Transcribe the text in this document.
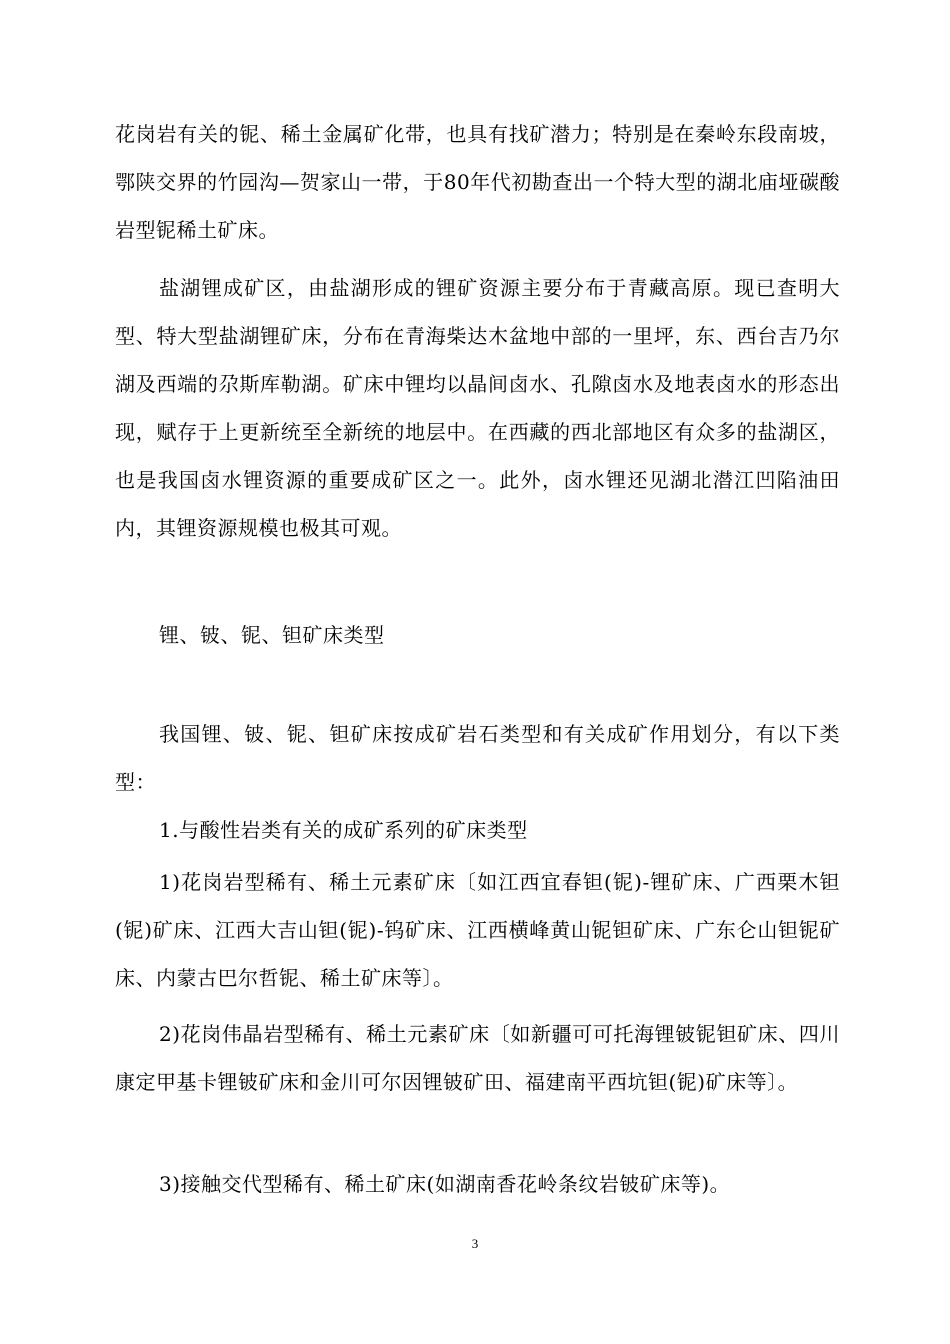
花岗岩有关的铌、稀土金属矿化带，也具有找矿潜力；特别是在秦岭东段南坡，鄂陕交界的竹园沟—贺家山一带，于80年代初勘查出一个特大型的湖北庙垭碳酸岩型铌稀土矿床。

盐湖锂成矿区，由盐湖形成的锂矿资源主要分布于青藏高原。现已查明大型、特大型盐湖锂矿床，分布在青海柴达木盆地中部的一里坪，东、西台吉乃尔湖及西端的尕斯库勒湖。矿床中锂均以晶间卤水、孔隙卤水及地表卤水的形态出现，赋存于上更新统至全新统的地层中。在西藏的西北部地区有众多的盐湖区，也是我国卤水锂资源的重要成矿区之一。此外，卤水锂还见湖北潜江凹陷油田内，其锂资源规模也极其可观。

锂、铍、铌、钽矿床类型

我国锂、铍、铌、钽矿床按成矿岩石类型和有关成矿作用划分，有以下类型：

1.与酸性岩类有关的成矿系列的矿床类型

1)花岗岩型稀有、稀土元素矿床〔如江西宜春钽(铌)-锂矿床、广西栗木钽(铌)矿床、江西大吉山钽(铌)-钨矿床、江西横峰黄山铌钽矿床、广东仑山钽铌矿床、内蒙古巴尔哲铌、稀土矿床等〕。

2)花岗伟晶岩型稀有、稀土元素矿床〔如新疆可可托海锂铍铌钽矿床、四川康定甲基卡锂铍矿床和金川可尔因锂铍矿田、福建南平西坑钽(铌)矿床等〕。

3)接触交代型稀有、稀土矿床(如湖南香花岭条纹岩铍矿床等)。

3
